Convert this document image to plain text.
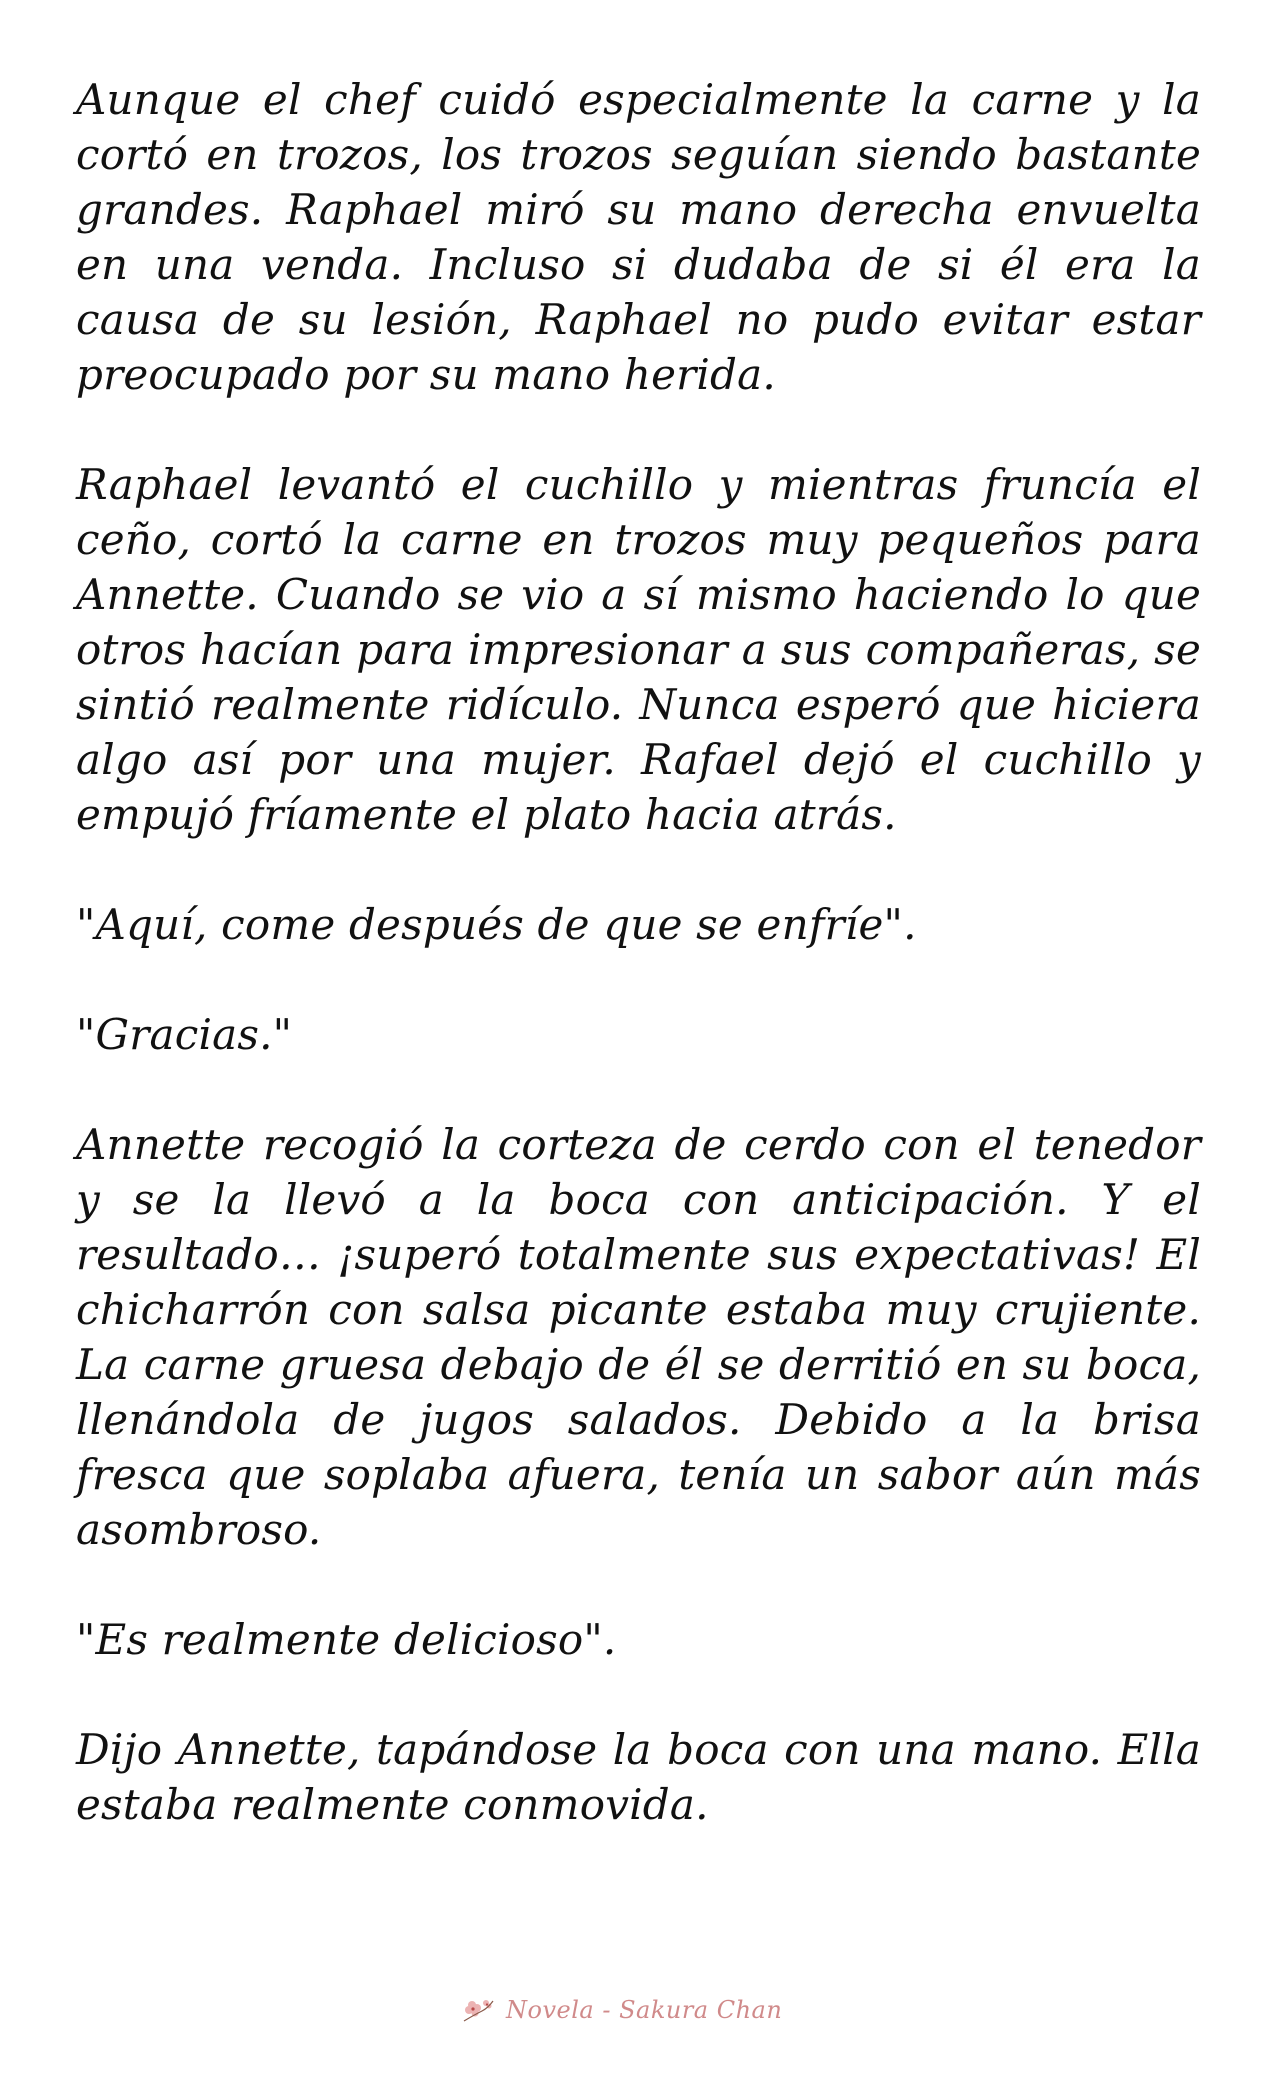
Aunque el chef cuidó especialmente la carne y la cortó en trozos, los trozos seguían siendo bastante grandes. Raphael miró su mano derecha envuelta en una venda. Incluso si dudaba de si él era la causa de su lesión, Raphael no pudo evitar estar preocupado por su mano herida.

Raphael levantó el cuchillo y mientras fruncía el ceño, cortó la carne en trozos muy pequeños para Annette. Cuando se vio a sí mismo haciendo lo que otros hacían para impresionar a sus compañeras, se sintió realmente ridículo. Nunca esperó que hiciera algo así por una mujer. Rafael dejó el cuchillo y empujó fríamente el plato hacia atrás.

"Aquí, come después de que se enfríe".

"Gracias."

Annette recogió la corteza de cerdo con el tenedor y se la llevó a la boca con anticipación. Y el resultado… ¡superó totalmente sus expectativas! El chicharrón con salsa picante estaba muy crujiente. La carne gruesa debajo de él se derritió en su boca, llenándola de jugos salados. Debido a la brisa fresca que soplaba afuera, tenía un sabor aún más asombroso.

"Es realmente delicioso".

Dijo Annette, tapándose la boca con una mano. Ella estaba realmente conmovida.

Novela - Sakura Chan
